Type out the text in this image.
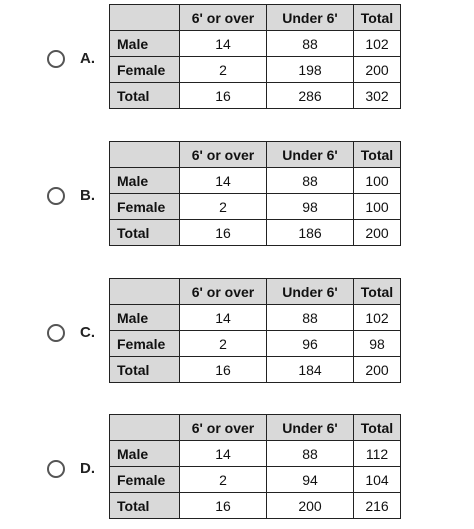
A.
	6' or over	Under 6'	Total
Male	14	88	102
Female	2	198	200
Total	16	286	302
B.
	6' or over	Under 6'	Total
Male	14	88	100
Female	2	98	100
Total	16	186	200
C.
	6' or over	Under 6'	Total
Male	14	88	102
Female	2	96	98
Total	16	184	200
D.
	6' or over	Under 6'	Total
Male	14	88	112
Female	2	94	104
Total	16	200	216
